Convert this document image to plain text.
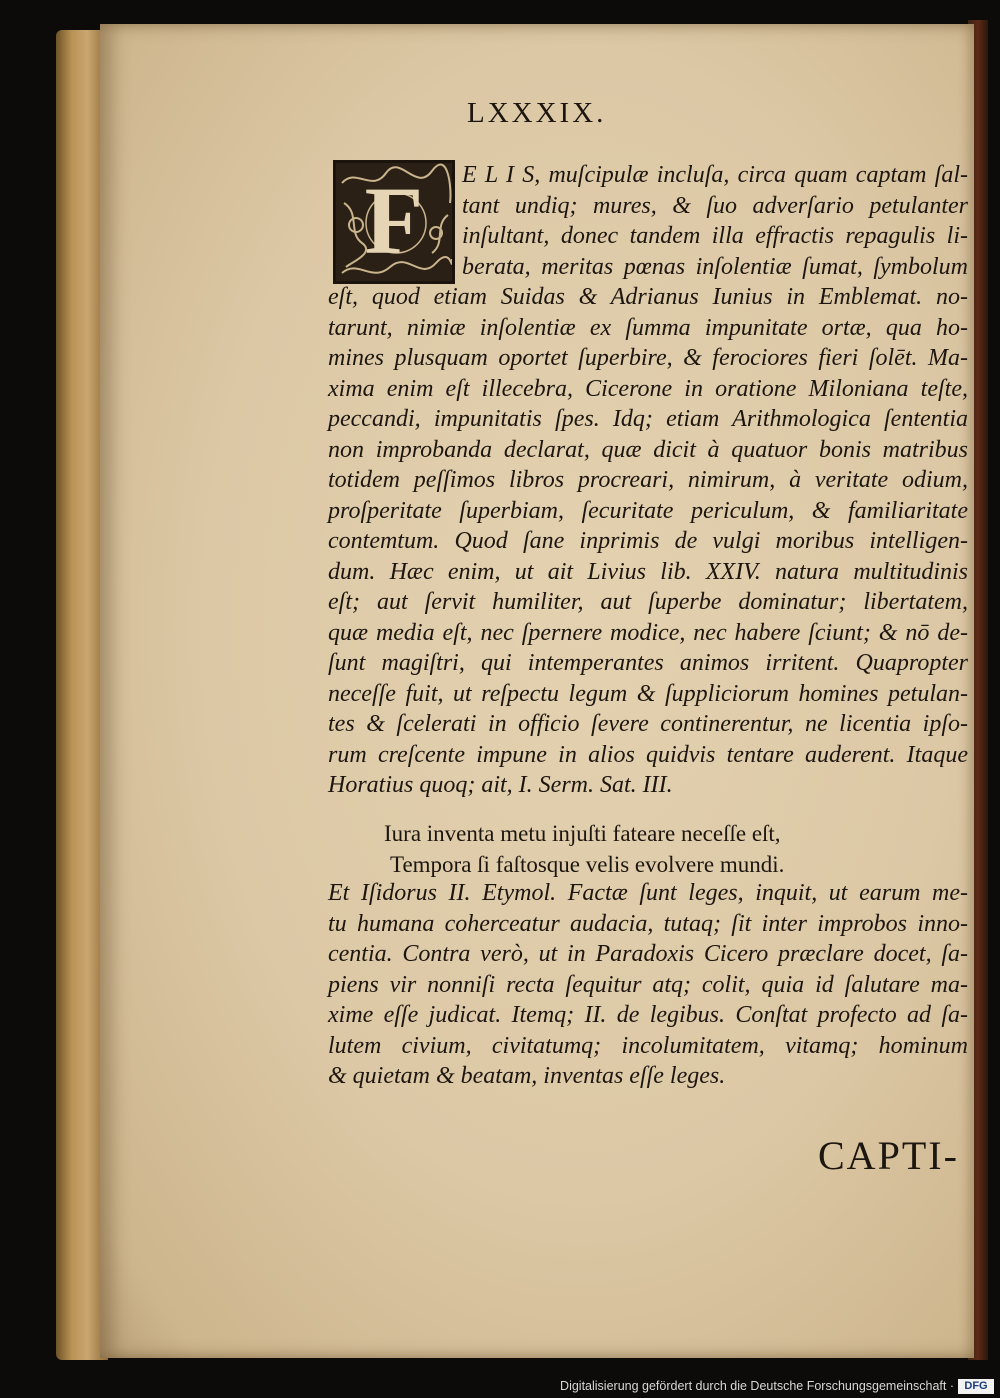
LXXXIX.
F	E L I S, muſcipulæ incluſa, circa quam captam ſal-
tant undiq; mures, & ſuo adverſario petulanter
inſultant, donec tandem illa effractis repagulis li-
berata, meritas pœnas inſolentiæ ſumat, ſymbolum
eſt, quod etiam Suidas & Adrianus Iunius in Emblemat. no-
tarunt, nimiæ inſolentiæ ex ſumma impunitate ortæ, qua ho-
mines plusquam oportet ſuperbire, & ferociores fieri ſolēt. Ma-
xima enim eſt illecebra, Cicerone in oratione Miloniana teſte,
peccandi, impunitatis ſpes. Idq; etiam Arithmologica ſententia
non improbanda declarat, quæ dicit à quatuor bonis matribus
totidem peſſimos libros procreari, nimirum, à veritate odium,
proſperitate ſuperbiam, ſecuritate periculum, & familiaritate
contemtum. Quod ſane inprimis de vulgi moribus intelligen-
dum. Hæc enim, ut ait Livius lib. XXIV. natura multitudinis
eſt; aut ſervit humiliter, aut ſuperbe dominatur; libertatem,
quæ media eſt, nec ſpernere modice, nec habere ſciunt; & nō de-
ſunt magiſtri, qui intemperantes animos irritent. Quapropter
neceſſe fuit, ut reſpectu legum & ſuppliciorum homines petulan-
tes & ſcelerati in officio ſevere continerentur, ne licentia ipſo-
rum creſcente impune in alios quidvis tentare auderent. Itaque
Horatius quoq; ait, I. Serm. Sat. III.
Iura inventa metu injuſti fateare neceſſe eſt,
Tempora ſi faſtosque velis evolvere mundi.
Et Iſidorus II. Etymol. Factæ ſunt leges, inquit, ut earum me-
tu humana coherceatur audacia, tutaq; ſit inter improbos inno-
centia. Contra verò, ut in Paradoxis Cicero præclare docet, ſa-
piens vir nonniſi recta ſequitur atq; colit, quia id ſalutare ma-
xime eſſe judicat. Itemq; II. de legibus. Conſtat profecto ad ſa-
lutem civium, civitatumq; incolumitatem, vitamq; hominum
& quietam & beatam, inventas eſſe leges.
CAPTI-
Digitalisierung gefördert durch die Deutsche Forschungsgemeinschaft · DFG
